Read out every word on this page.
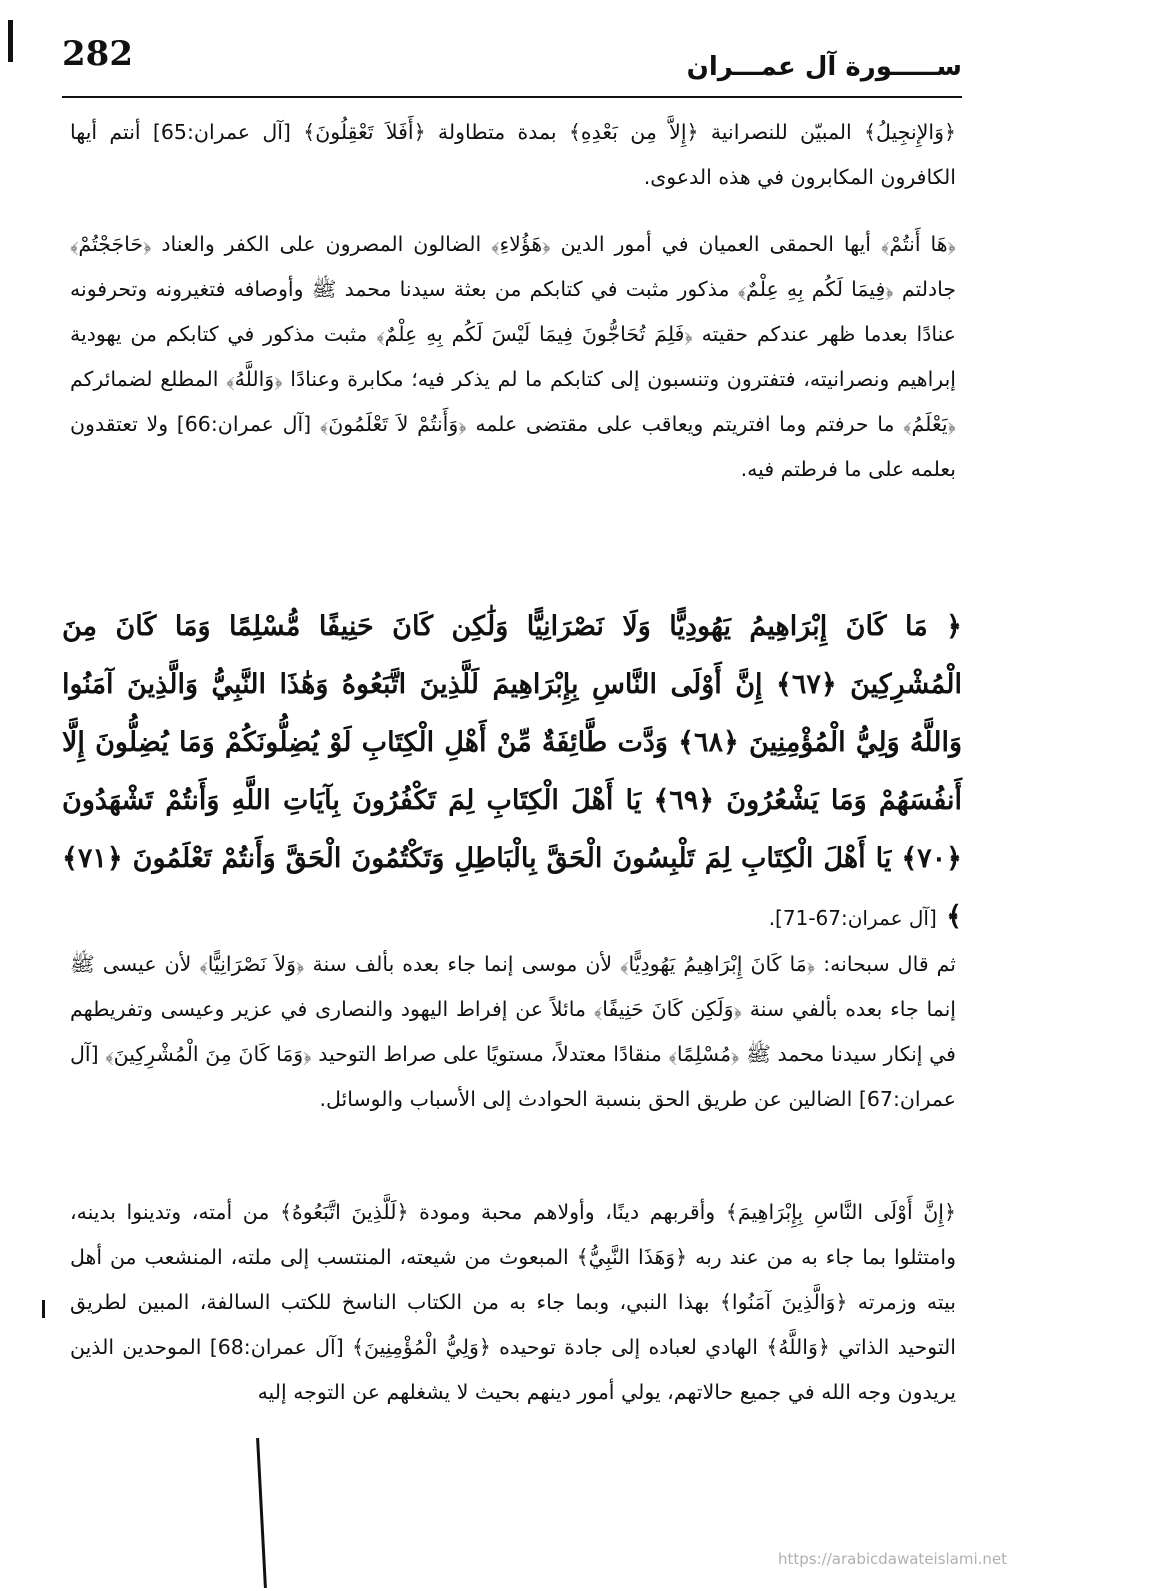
282	ســـــورة آل عمـــران

﴿وَالإِنجِيلُ﴾ المبيّن للنصرانية ﴿إِلاَّ مِن بَعْدِهِ﴾ بمدة متطاولة ﴿أَفَلاَ تَعْقِلُونَ﴾ [آل عمران:65] أنتم أيها الكافرون المكابرون في هذه الدعوى.

﴿هَا أَنتُمْ﴾ أيها الحمقى العميان في أمور الدين ﴿هَؤُلاءِ﴾ الضالون المصرون على الكفر والعناد ﴿حَاجَجْتُمْ﴾ جادلتم ﴿فِيمَا لَكُم بِهِ عِلْمٌ﴾ مذكور مثبت في كتابكم من بعثة سيدنا محمد ﷺ وأوصافه فتغيرونه وتحرفونه عنادًا بعدما ظهر عندكم حقيته ﴿فَلِمَ تُحَاجُّونَ فِيمَا لَيْسَ لَكُم بِهِ عِلْمٌ﴾ مثبت مذكور في كتابكم من يهودية إبراهيم ونصرانيته، فتفترون وتنسبون إلى كتابكم ما لم يذكر فيه؛ مكابرة وعنادًا ﴿وَاللَّهُ﴾ المطلع لضمائركم ﴿يَعْلَمُ﴾ ما حرفتم وما افتريتم ويعاقب على مقتضى علمه ﴿وَأَنتُمْ لاَ تَعْلَمُونَ﴾ [آل عمران:66] ولا تعتقدون بعلمه على ما فرطتم فيه.

﴿ مَا كَانَ إِبْرَاهِيمُ يَهُودِيًّا وَلَا نَصْرَانِيًّا وَلَٰكِن كَانَ حَنِيفًا مُّسْلِمًا وَمَا كَانَ مِنَ الْمُشْرِكِينَ ﴿٦٧﴾ إِنَّ أَوْلَى النَّاسِ بِإِبْرَاهِيمَ لَلَّذِينَ اتَّبَعُوهُ وَهَٰذَا النَّبِيُّ وَالَّذِينَ آمَنُوا وَاللَّهُ وَلِيُّ الْمُؤْمِنِينَ ﴿٦٨﴾ وَدَّت طَّائِفَةٌ مِّنْ أَهْلِ الْكِتَابِ لَوْ يُضِلُّونَكُمْ وَمَا يُضِلُّونَ إِلَّا أَنفُسَهُمْ وَمَا يَشْعُرُونَ ﴿٦٩﴾ يَا أَهْلَ الْكِتَابِ لِمَ تَكْفُرُونَ بِآيَاتِ اللَّهِ وَأَنتُمْ تَشْهَدُونَ ﴿٧٠﴾ يَا أَهْلَ الْكِتَابِ لِمَ تَلْبِسُونَ الْحَقَّ بِالْبَاطِلِ وَتَكْتُمُونَ الْحَقَّ وَأَنتُمْ تَعْلَمُونَ ﴿٧١﴾ ﴾ [آل عمران:67-71].

ثم قال سبحانه: ﴿مَا كَانَ إِبْرَاهِيمُ يَهُودِيًّا﴾ لأن موسى إنما جاء بعده بألف سنة ﴿وَلاَ نَصْرَانِيًّا﴾ لأن عيسى ﷺ إنما جاء بعده بألفي سنة ﴿وَلَكِن كَانَ حَنِيفًا﴾ مائلاً عن إفراط اليهود والنصارى في عزير وعيسى وتفريطهم في إنكار سيدنا محمد ﷺ ﴿مُسْلِمًا﴾ منقادًا معتدلاً، مستويًا على صراط التوحيد ﴿وَمَا كَانَ مِنَ الْمُشْرِكِينَ﴾ [آل عمران:67] الضالين عن طريق الحق بنسبة الحوادث إلى الأسباب والوسائل.

﴿إِنَّ أَوْلَى النَّاسِ بِإِبْرَاهِيمَ﴾ وأقربهم دينًا، وأولاهم محبة ومودة ﴿لَلَّذِينَ اتَّبَعُوهُ﴾ من أمته، وتدينوا بدينه، وامتثلوا بما جاء به من عند ربه ﴿وَهَذَا النَّبِيُّ﴾ المبعوث من شيعته، المنتسب إلى ملته، المنشعب من أهل بيته وزمرته ﴿وَالَّذِينَ آمَنُوا﴾ بهذا النبي، وبما جاء به من الكتاب الناسخ للكتب السالفة، المبين لطريق التوحيد الذاتي ﴿وَاللَّهُ﴾ الهادي لعباده إلى جادة توحيده ﴿وَلِيُّ الْمُؤْمِنِينَ﴾ [آل عمران:68] الموحدين الذين يريدون وجه الله في جميع حالاتهم، يولي أمور دينهم بحيث لا يشغلهم عن التوجه إليه

https://arabicdawateislami.net
